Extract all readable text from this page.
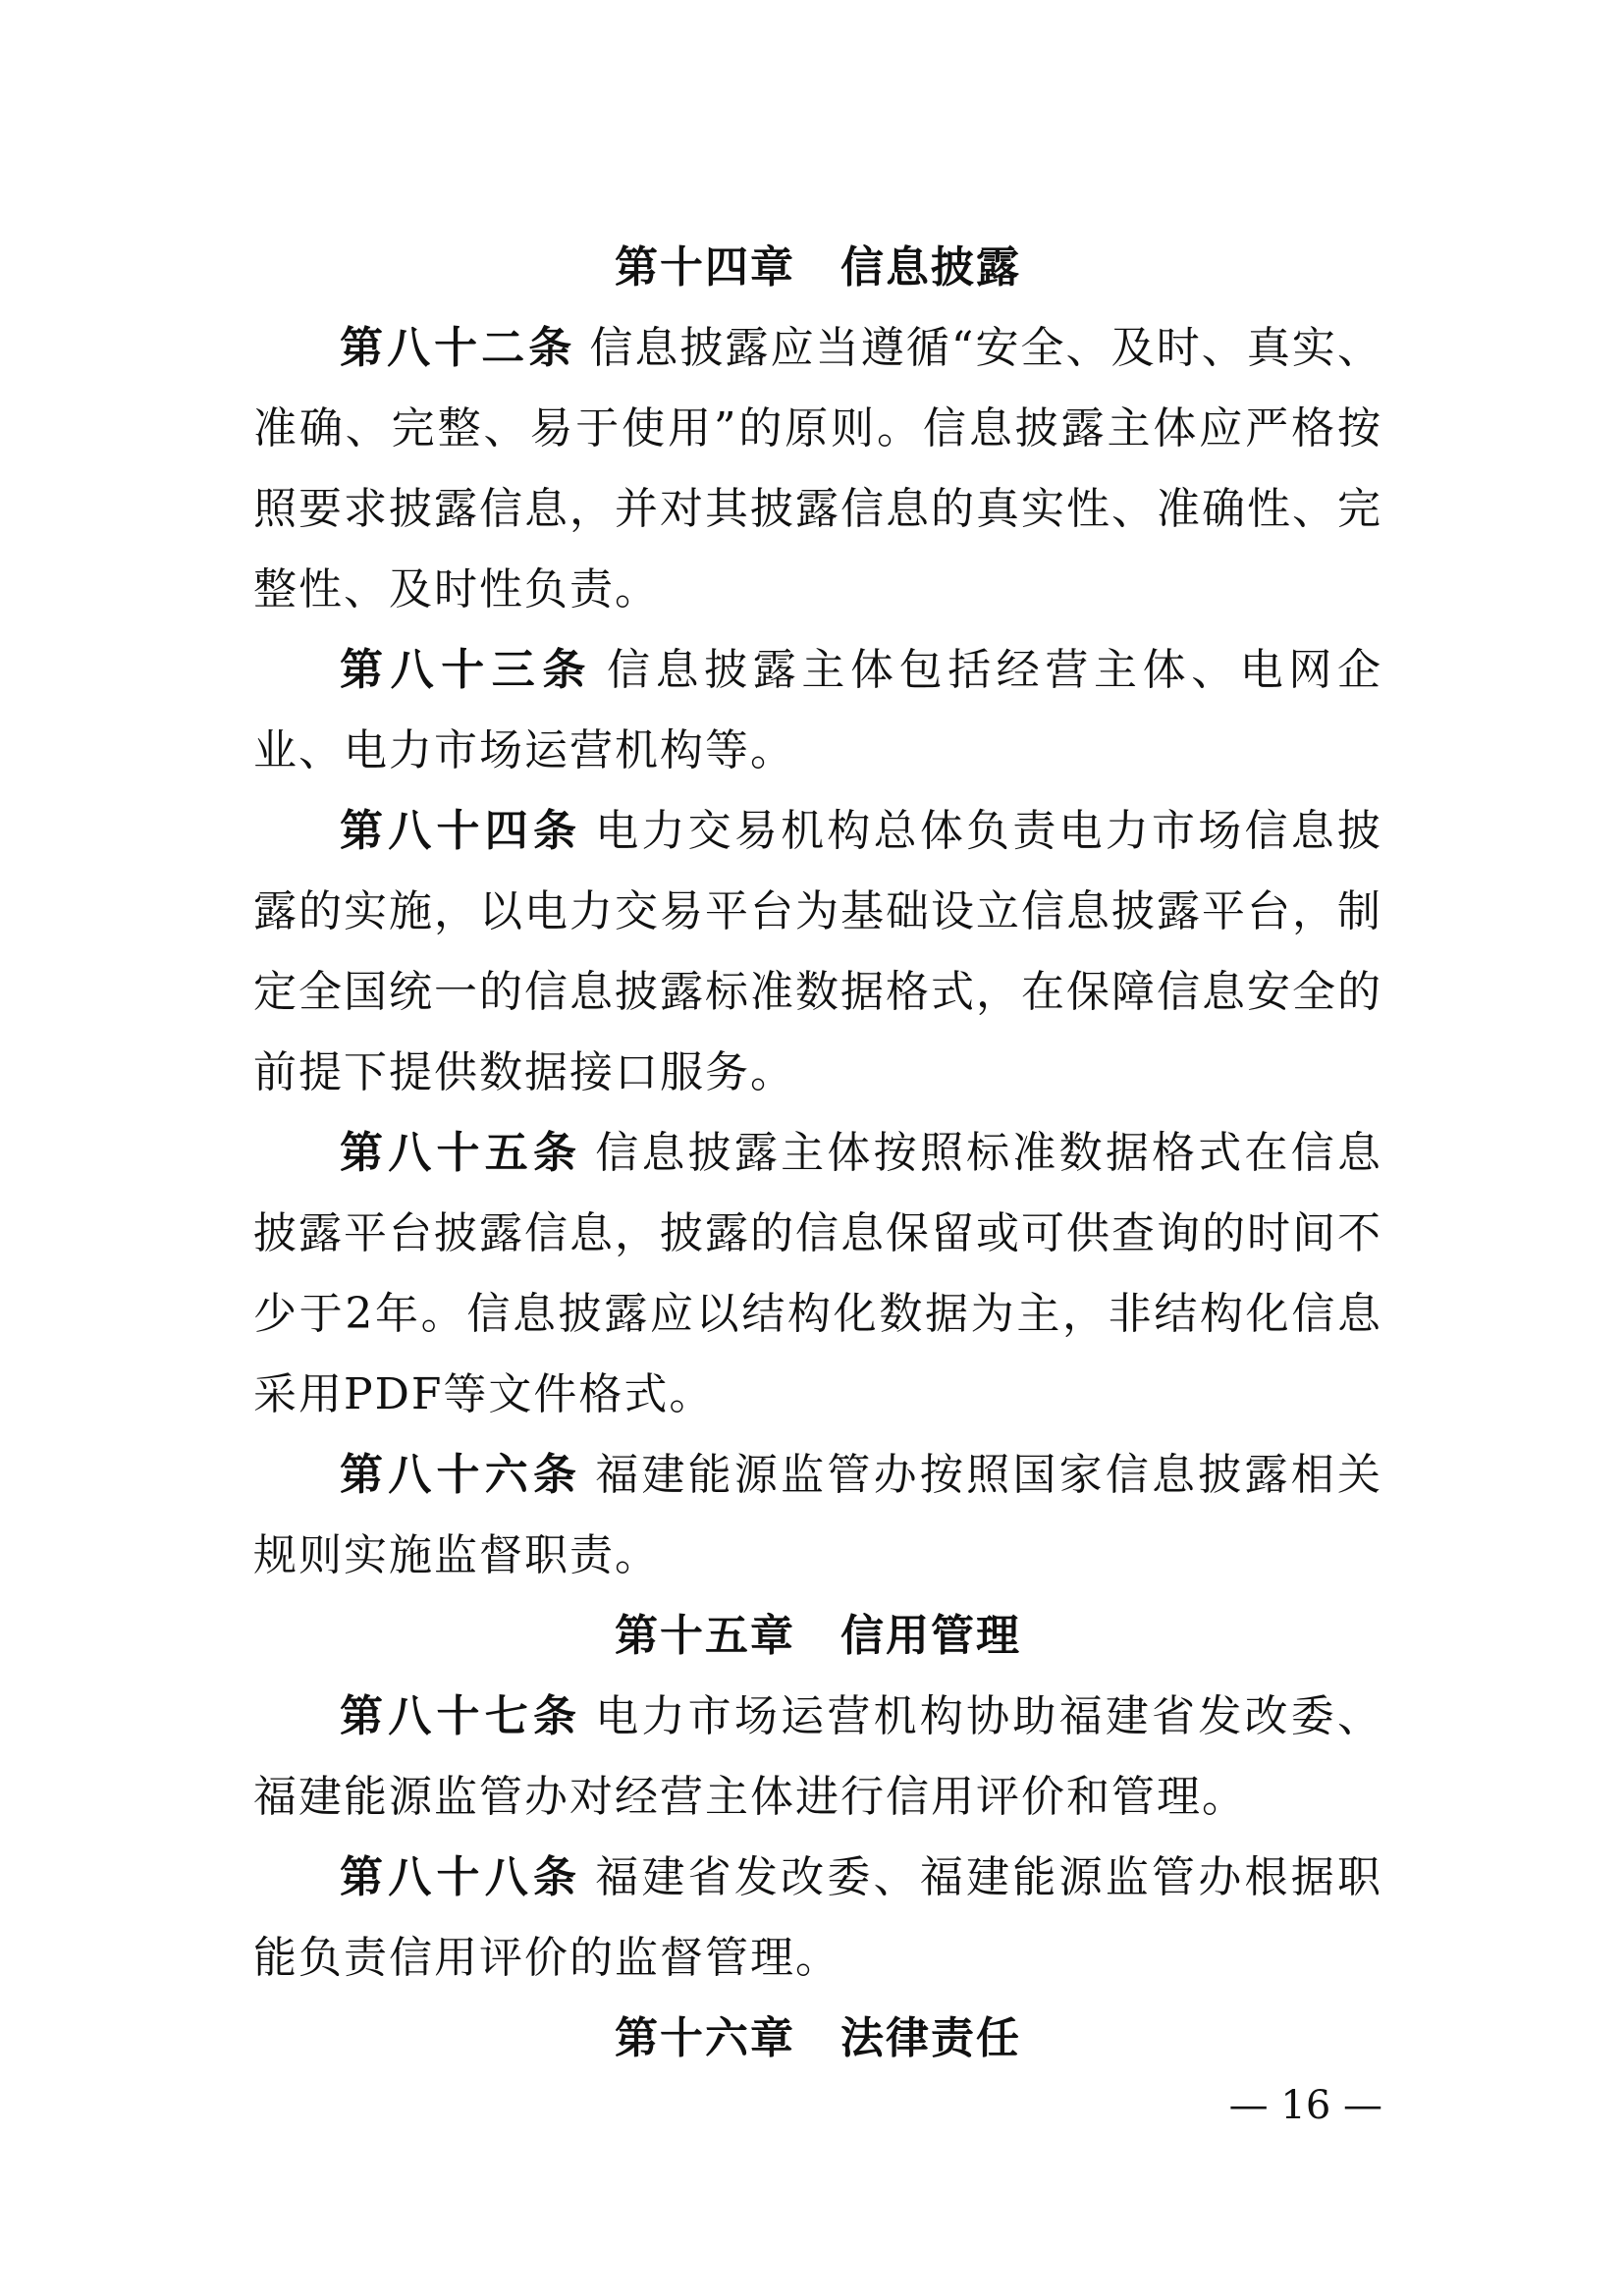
第十四章　信息披露

第八十二条 信息披露应当遵循“安全、及时、真实、准确、完整、易于使用”的原则。信息披露主体应严格按照要求披露信息，并对其披露信息的真实性、准确性、完整性、及时性负责。

第八十三条 信息披露主体包括经营主体、电网企业、电力市场运营机构等。

第八十四条 电力交易机构总体负责电力市场信息披露的实施，以电力交易平台为基础设立信息披露平台，制定全国统一的信息披露标准数据格式，在保障信息安全的前提下提供数据接口服务。

第八十五条 信息披露主体按照标准数据格式在信息披露平台披露信息，披露的信息保留或可供查询的时间不少于2年。信息披露应以结构化数据为主，非结构化信息采用PDF等文件格式。

第八十六条 福建能源监管办按照国家信息披露相关规则实施监督职责。

第十五章　信用管理

第八十七条 电力市场运营机构协助福建省发改委、福建能源监管办对经营主体进行信用评价和管理。

第八十八条 福建省发改委、福建能源监管办根据职能负责信用评价的监督管理。

第十六章　法律责任
— 16 —
